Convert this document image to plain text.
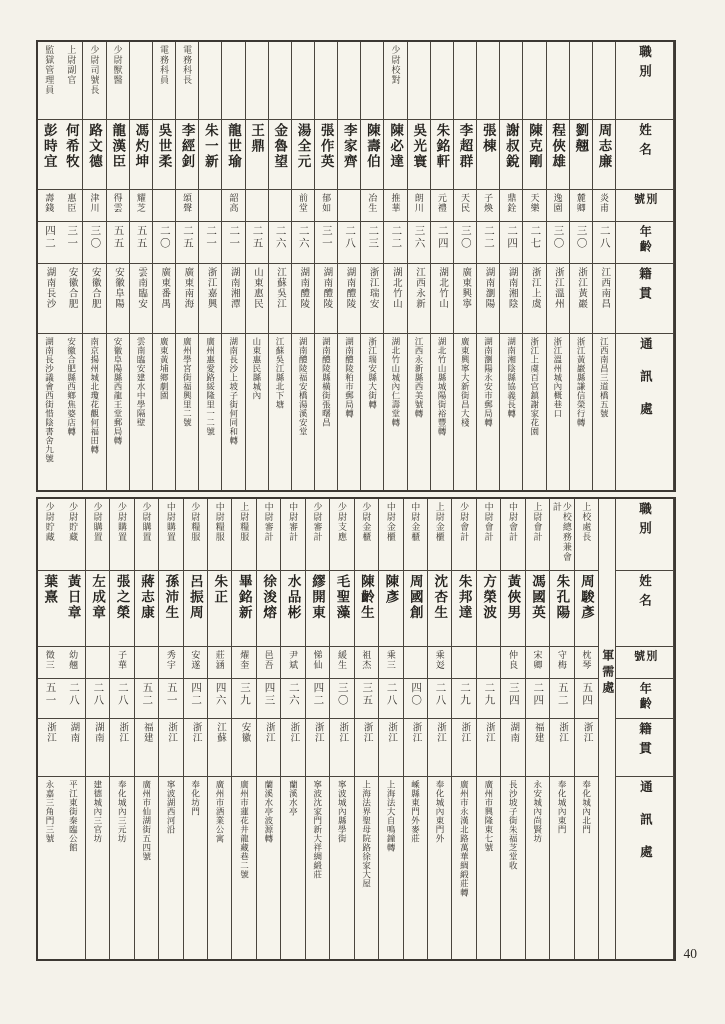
職別
姓名
別號
年齡
籍貫
通訊處
周志廉
炎甫
二八
江西南昌
江西南昌三道橋五號
劉翹
麓卿
三〇
浙江黃巖
浙江黃巖縣謙信榮行轉
程俠雄
逸園
三〇
浙江溫州
浙江溫州城內概巷口
陳克剛
天樂
二七
浙江上虞
浙江上虞百官鎮謝家花園
謝叔銳
鼎銓
二四
湖南湘陰
湖南湘陰縣協義長轉
張棟
子煥
二二
湖南瀏陽
湖南瀏陽永安市郵局轉
李超群
天民
三〇
廣東興寧
廣東興寧大新街昌大棧
朱銘軒
元禮
二四
湖北竹山
湖北竹山縣城陽街裕豐轉
吳光寰
朗川
三六
江西永新
江西永新縣西美號轉
少尉校對
陳必達
推華
二二
湖北竹山
湖北竹山城內仁壽堂轉
陳壽伯
冶生
二三
浙江瑞安
浙江瑞安縣大街轉
李家齊
二八
湖南醴陵
湖南醴陵粕市郵局轉
張作英
郁如
三一
湖南醴陵
湖南醴陵縣橫街張曙昌
湯全元
前堂
二六
湖南醴陵
湖南醴陵福安橋湯溪安堂
金魯望
二六
江蘇吳江
江蘇吳江縣北下塘
王鼎
二五
山東惠民
山東惠民縣城內
龍世瑜
韶高
二一
湖南湘潭
湖南長沙上坡子街何同和轉
朱一新
二一
浙江嘉興
廣州惠愛路綏隆里一二號
電務科長
李經釗
頌聲
二五
廣東南海
廣州學宮街福興里二號
電務科員
吳世柔
二〇
廣東番禺
廣東黃埔鄉劇園
馮灼坤
耀芝
五五
雲南臨安
雲南臨安建水中學隔壁
少尉獸醫
龍漢臣
得雲
五五
安徽阜陽
安徽阜陽縣西龍王堂郵局轉
少尉司號長
路文德
津川
三〇
安徽合肥
南京揚州城北瓊花觀何福田轉
上尉副官
何希牧
惠臣
三一
安徽合肥
安徽合肥縣西鄉焦婆店轉
監獄管理員
彭時宜
壽錢
四二
湖南長沙
湖南長沙議會西街惜陰書舍九號
職別
姓名
別號
年齡
籍貫
通訊處
軍需處
上校處長
周駿彥
枕琴
五四
浙江
奉化城內北門
少校總務兼會計
朱孔陽
守梅
五二
浙江
奉化城內東門
上尉會計
馮國英
宋卿
二四
福建
永安城內尚賢坊
中尉會計
黃俠男
仲良
三四
湖南
長沙坡子街朱福芝堂收
中尉會計
方榮波
二九
浙江
廣州市興隆東七號
少尉會計
朱邦達
二九
浙江
廣州市永漢北路萬華綢緞莊轉
上尉金櫃
沈杏生
乘彣
二八
浙江
奉化城內東門外
中尉金櫃
周國創
四〇
浙江
嵊縣東門外麥莊
中尉金櫃
陳彥
乘三
二八
浙江
上海法大自鳴鐘轉
少尉金櫃
陳齡生
祖杰
三五
浙江
上海法界聖母院路徐家大屋
少尉支應
毛聖藻
緩生
三〇
浙江
寧波城內縣學街
少尉審計
繆開東
悌仙
四二
浙江
寧波沈家門新大祥綢緞莊
中尉審計
水品彬
尹斌
二六
浙江
蘭溪水亭
中尉審計
徐浚熔
邑吾
四三
浙江
蘭溪水亭波源轉
上尉糧服
畢銘新
燿奎
三九
安徽
廣州市蓮花井龍藏巷二號
中尉糧服
朱正
莊涵
四六
江蘇
廣州市酒業公寓
少尉糧服
呂振周
安遂
四二
浙江
奉化坊門
中尉購置
孫沛生
秀宇
五一
浙江
寧波湖西河沿
少尉購置
蔣志康
五二
福建
廣州市仙湖街五四號
少尉購置
張之榮
子華
二八
浙江
奉化城內三元坊
少尉購置
左成章
二八
湖南
建德城內三官坊
少尉貯藏
黃日章
幼翹
二八
湖南
平江東街秦臨公館
少尉貯藏
葉熹
徵三
五一
浙江
永嘉三角門三號
40
